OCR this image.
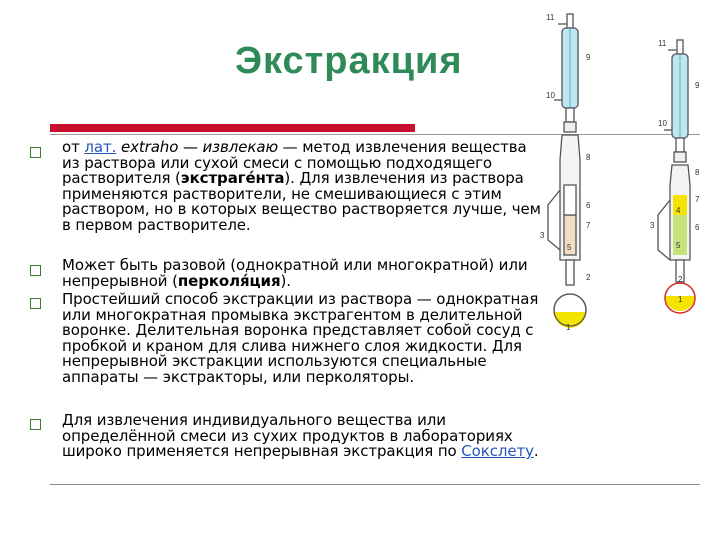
Экстракция
от лат. extraho — извлекаю — метод извлечения вещества из раствора или сухой смеси с помощью подходящего растворителя (экстраге́нта). Для извлечения из раствора применяются растворители, не смешивающиеся с этим раствором, но в которых вещество растворяется лучше, чем в первом растворителе.
Может быть разовой (однократной или многократной) или непрерывной (перколя́ция).
Простейший способ экстракции из раствора — однократная или многократная промывка экстрагентом в делительной воронке. Делительная воронка представляет собой сосуд с пробкой и краном для слива нижнего слоя жидкости. Для непрерывной экстракции используются специальные аппараты — экстракторы, или перколяторы.
Для извлечения индивидуального вещества или определённой смеси из сухих продуктов в лабораториях широко применяется непрерывная экстракция по Сокслету.
11
9
10
8
6
7
3
5
2
1
11
9
10
8
7
4
3	6
5
2
1
